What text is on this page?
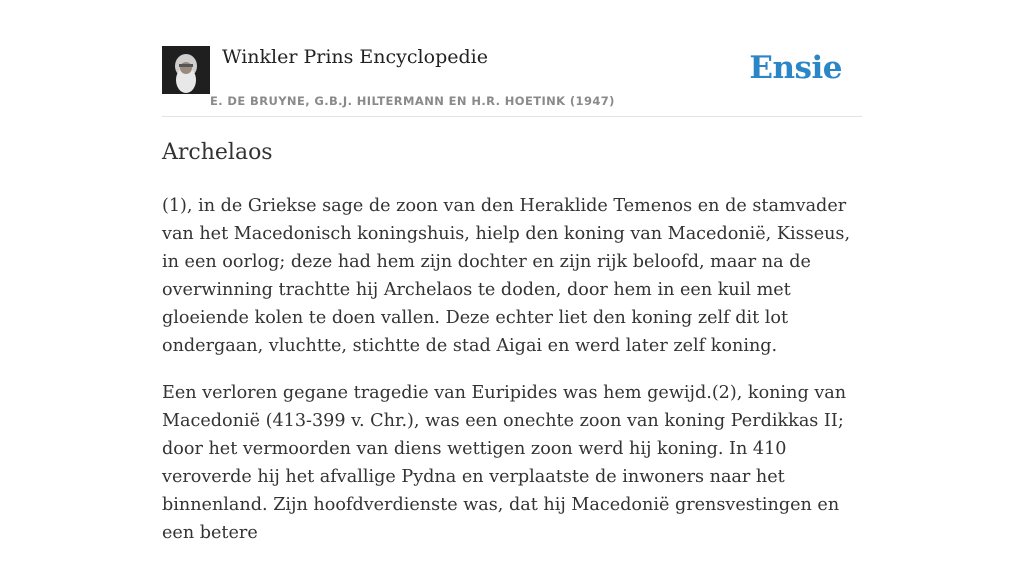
Winkler Prins Encyclopedie
E. DE BRUYNE, G.B.J. HILTERMANN EN H.R. HOETINK (1947)
Ensie
Archelaos

(1), in de Griekse sage de zoon van den Heraklide Temenos en de stamvader van het Macedonisch koningshuis, hielp den koning van Macedonië, Kisseus, in een oorlog; deze had hem zijn dochter en zijn rijk beloofd, maar na de overwinning trachtte hij Archelaos te doden, door hem in een kuil met gloeiende kolen te doen vallen. Deze echter liet den koning zelf dit lot ondergaan, vluchtte, stichtte de stad Aigai en werd later zelf koning.

Een verloren gegane tragedie van Euripides was hem gewijd.(2), koning van Macedonië (413-399 v. Chr.), was een onechte zoon van koning Perdikkas II; door het vermoorden van diens wettigen zoon werd hij koning. In 410 veroverde hij het afvallige Pydna en verplaatste de inwoners naar het binnenland. Zijn hoofdverdienste was, dat hij Macedonië grensvestingen en een betere
